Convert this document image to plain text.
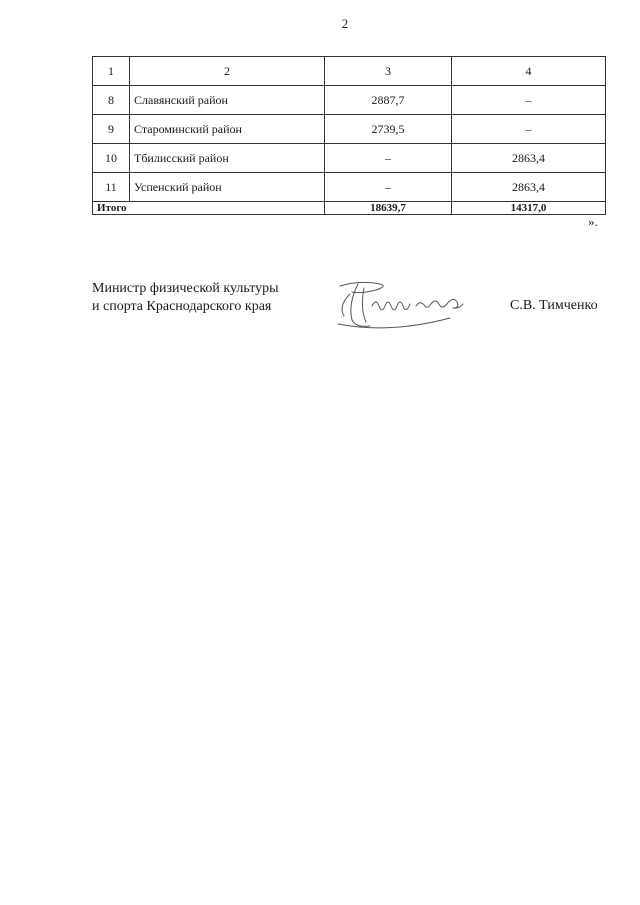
2
1	2	3	4
8	Славянский район	2887,7	–
9	Староминский район	2739,5	–
10	Тбилисский район	–	2863,4
11	Успенский район	–	2863,4
Итого		18639,7	14317,0
».
Министр физической культуры
и спорта Краснодарского края	С.В. Тимченко
